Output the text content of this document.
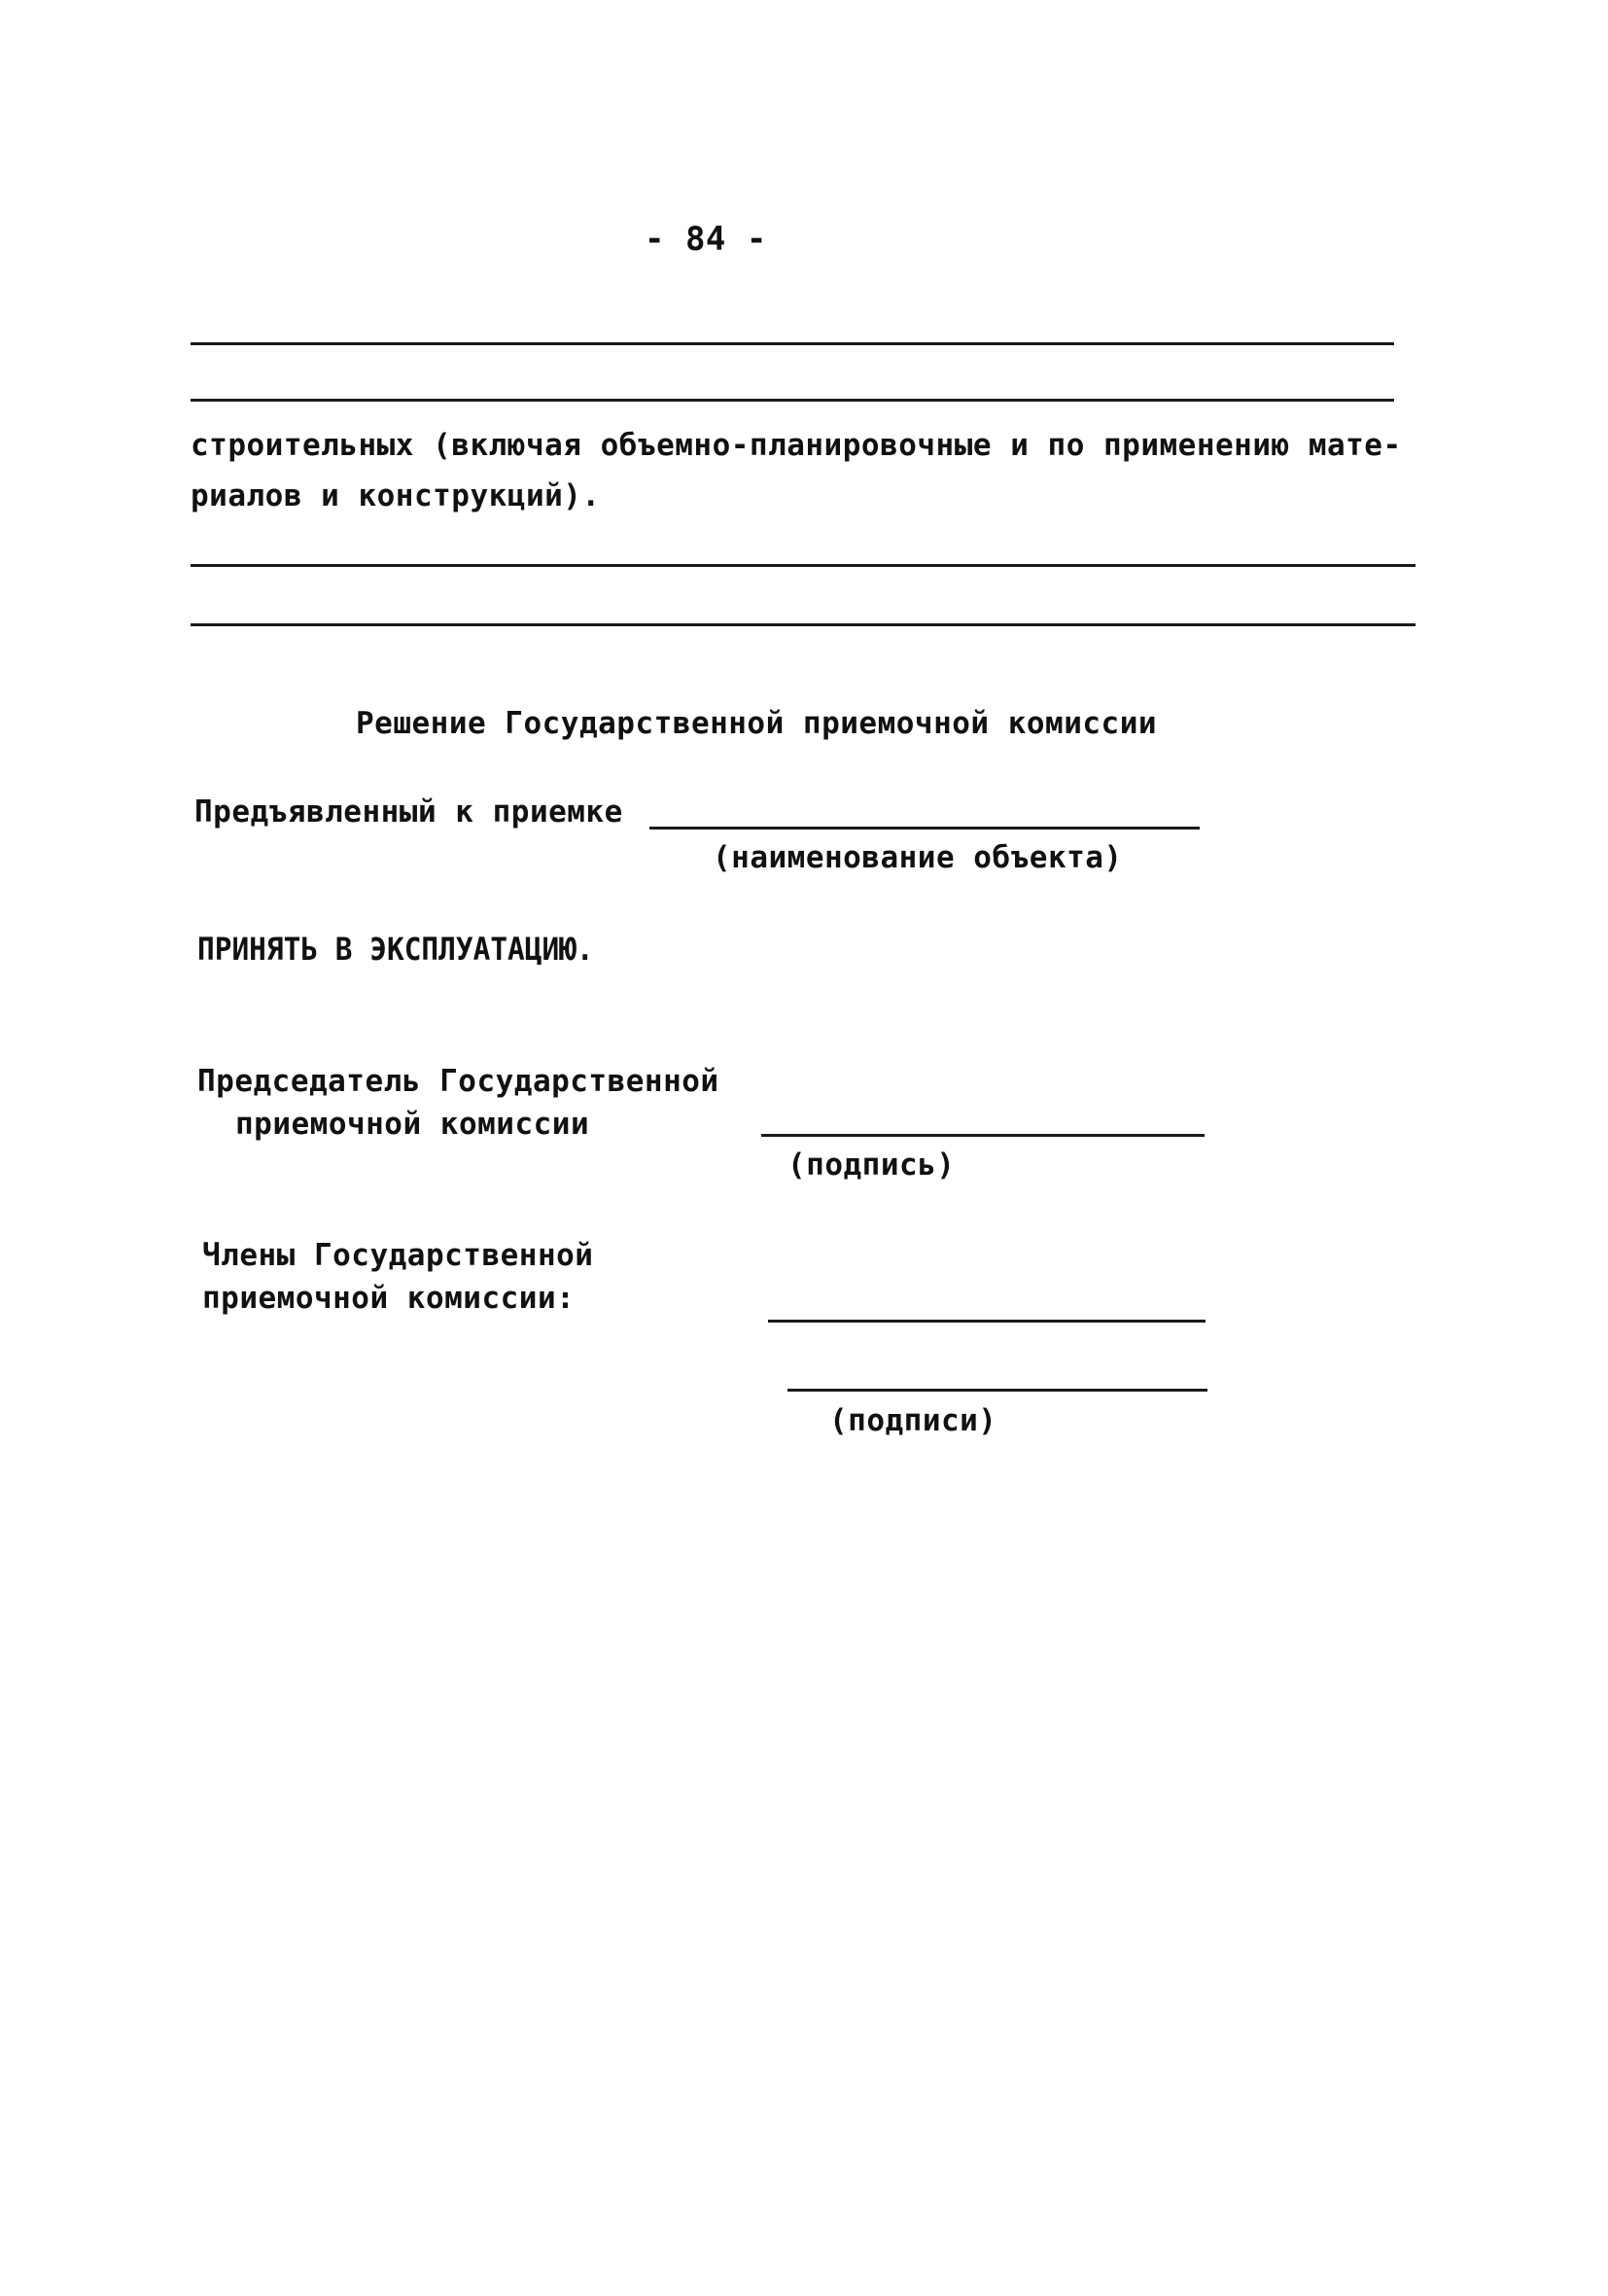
- 84 -
строительных (включая объемно-планировочные и по применению мате-
риалов и конструкций).
Решение Государственной приемочной комиссии
Предъявленный к приемке
(наименование объекта)
ПРИНЯТЬ В ЭКСПЛУАТАЦИЮ.
Председатель Государственной
приемочной комиссии
(подпись)
Члены Государственной
приемочной комиссии:
(подписи)
